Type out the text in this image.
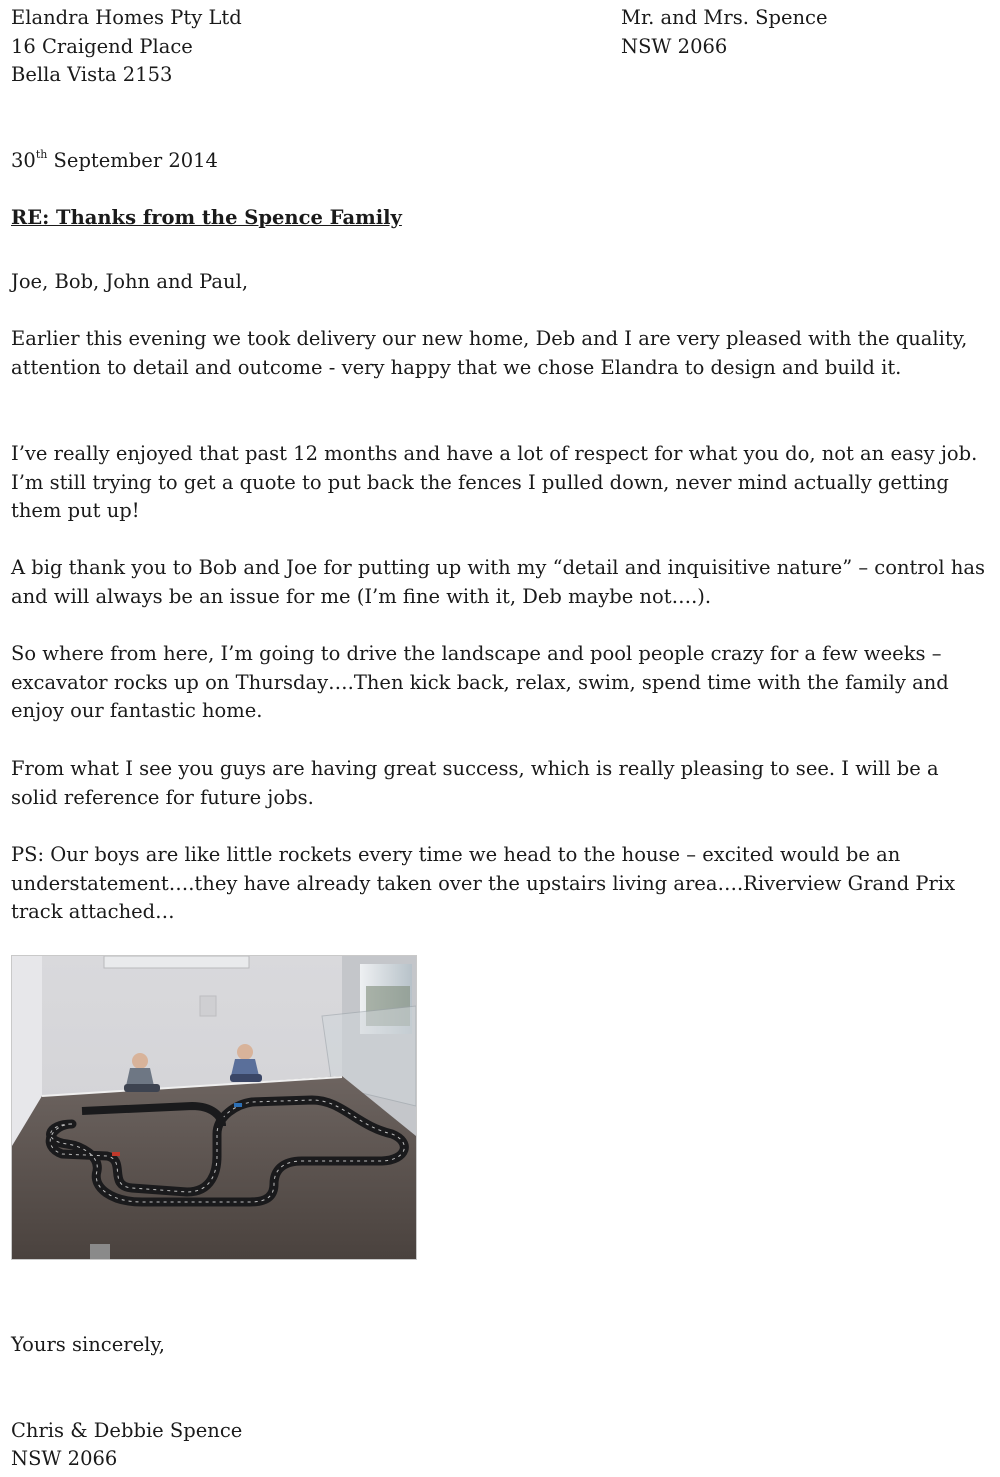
Elandra Homes Pty Ltd
16 Craigend Place
Bella Vista 2153
Mr. and Mrs. Spence
NSW 2066
30th September 2014
RE: Thanks from the Spence Family
Joe, Bob, John and Paul,
Earlier this evening we took delivery our new home, Deb and I are very pleased with the quality, attention to detail and outcome - very happy that we chose Elandra to design and build it.
I’ve really enjoyed that past 12 months and have a lot of respect for what you do, not an easy job. I’m still trying to get a quote to put back the fences I pulled down, never mind actually getting them put up!
A big thank you to Bob and Joe for putting up with my “detail and inquisitive nature” – control has and will always be an issue for me (I’m fine with it, Deb maybe not….).
So where from here, I’m going to drive the landscape and pool people crazy for a few weeks – excavator rocks up on Thursday….Then kick back, relax, swim, spend time with the family and enjoy our fantastic home.
From what I see you guys are having great success, which is really pleasing to see. I will be a solid reference for future jobs.
PS: Our boys are like little rockets every time we head to the house – excited would be an understatement….they have already taken over the upstairs living area….Riverview Grand Prix track attached…
Yours sincerely,
Chris & Debbie Spence
NSW 2066
